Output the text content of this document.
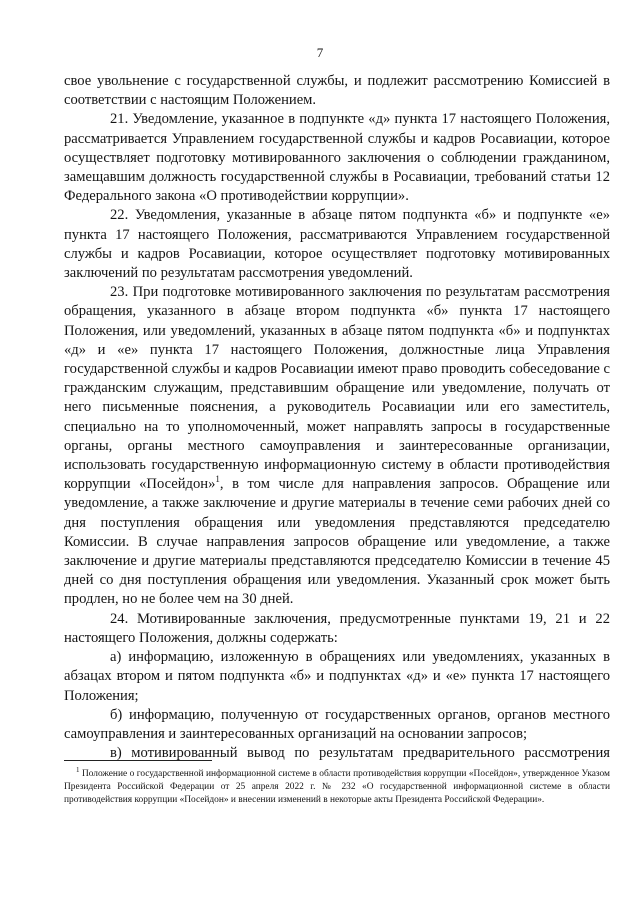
7

свое увольнение с государственной службы, и подлежит рассмотрению Комиссией в соответствии с настоящим Положением.

21. Уведомление, указанное в подпункте «д» пункта 17 настоящего Положения, рассматривается Управлением государственной службы и кадров Росавиации, которое осуществляет подготовку мотивированного заключения о соблюдении гражданином, замещавшим должность государственной службы в Росавиации, требований статьи 12 Федерального закона «О противодействии коррупции».

22. Уведомления, указанные в абзаце пятом подпункта «б» и подпункте «е» пункта 17 настоящего Положения, рассматриваются Управлением государственной службы и кадров Росавиации, которое осуществляет подготовку мотивированных заключений по результатам рассмотрения уведомлений.

23. При подготовке мотивированного заключения по результатам рассмотрения обращения, указанного в абзаце втором подпункта «б» пункта 17 настоящего Положения, или уведомлений, указанных в абзаце пятом подпункта «б» и подпунктах «д» и «е» пункта 17 настоящего Положения, должностные лица Управления государственной службы и кадров Росавиации имеют право проводить собеседование с гражданским служащим, представившим обращение или уведомление, получать от него письменные пояснения, а руководитель Росавиации или его заместитель, специально на то уполномоченный, может направлять запросы в государственные органы, органы местного самоуправления и заинтересованные организации, использовать государственную информационную систему в области противодействия коррупции «Посейдон»$^1$, в том числе для направления запросов. Обращение или уведомление, а также заключение и другие материалы в течение семи рабочих дней со дня поступления обращения или уведомления представляются председателю Комиссии. В случае направления запросов обращение или уведомление, а также заключение и другие материалы представляются председателю Комиссии в течение 45 дней со дня поступления обращения или уведомления. Указанный срок может быть продлен, но не более чем на 30 дней.

24. Мотивированные заключения, предусмотренные пунктами 19, 21 и 22 настоящего Положения, должны содержать:

а) информацию, изложенную в обращениях или уведомлениях, указанных в абзацах втором и пятом подпункта «б» и подпунктах «д» и «е» пункта 17 настоящего Положения;

б) информацию, полученную от государственных органов, органов местного самоуправления и заинтересованных организаций на основании запросов;

в) мотивированный вывод по результатам предварительного рассмотрения

$^1$ Положение о государственной информационной системе в области противодействия коррупции «Посейдон», утвержденное Указом Президента Российской Федерации от 25 апреля 2022 г. № 232 «О государственной информационной системе в области противодействия коррупции «Посейдон» и внесении изменений в некоторые акты Президента Российской Федерации».
